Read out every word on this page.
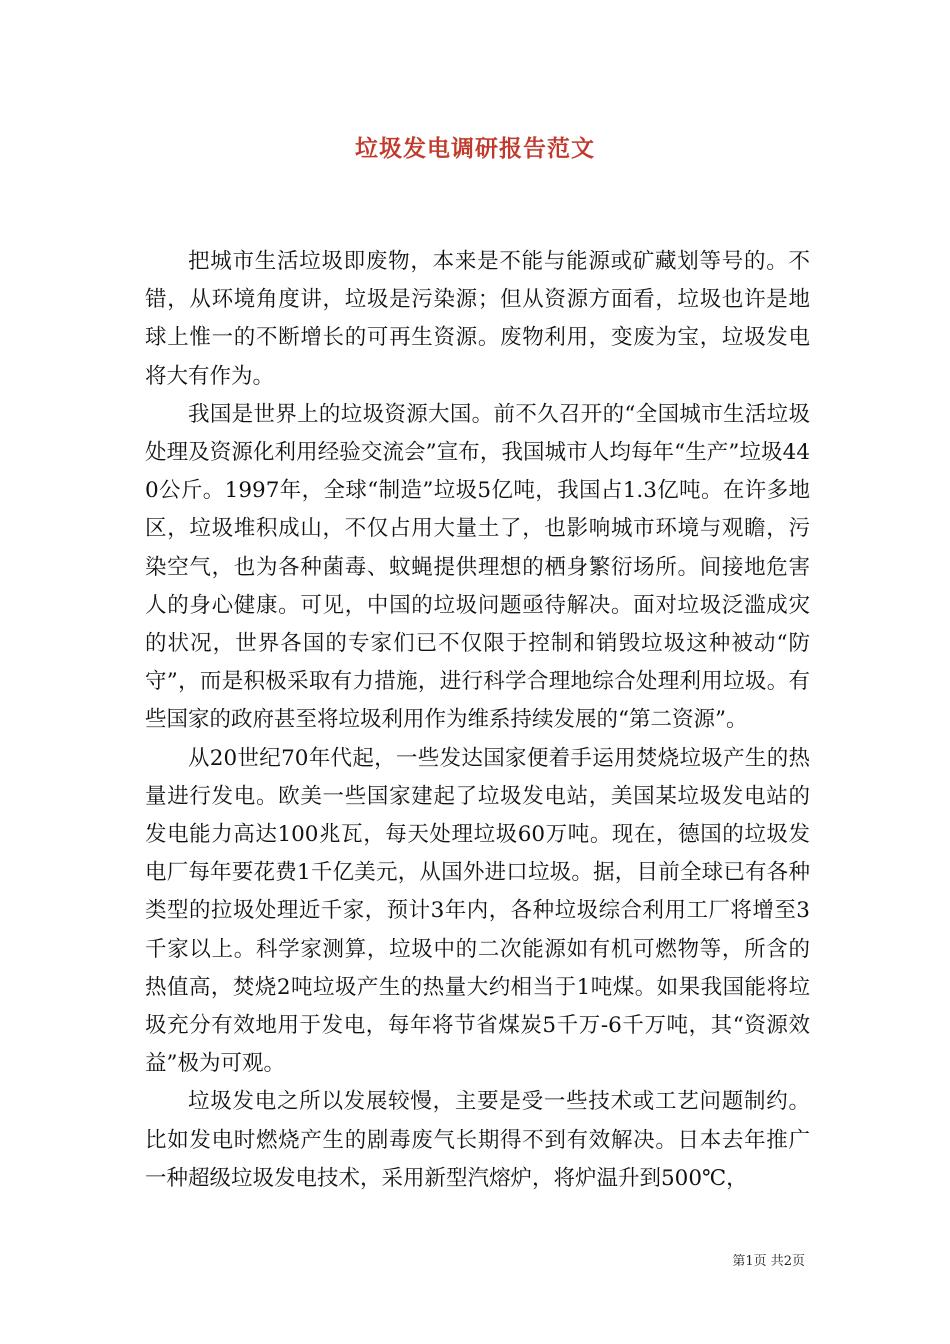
垃圾发电调研报告范文

把城市生活垃圾即废物，本来是不能与能源或矿藏划等号的。不错，从环境角度讲，垃圾是污染源；但从资源方面看，垃圾也许是地球上惟一的不断增长的可再生资源。废物利用，变废为宝，垃圾发电将大有作为。

我国是世界上的垃圾资源大国。前不久召开的“全国城市生活垃圾处理及资源化利用经验交流会”宣布，我国城市人均每年“生产”垃圾440公斤。1997年，全球“制造”垃圾5亿吨，我国占1.3亿吨。在许多地区，垃圾堆积成山，不仅占用大量土了，也影响城市环境与观瞻，污染空气，也为各种菌毒、蚊蝇提供理想的栖身繁衍场所。间接地危害人的身心健康。可见，中国的垃圾问题亟待解决。面对垃圾泛滥成灾的状况，世界各国的专家们已不仅限于控制和销毁垃圾这种被动“防守”，而是积极采取有力措施，进行科学合理地综合处理利用垃圾。有些国家的政府甚至将垃圾利用作为维系持续发展的“第二资源”。

从20世纪70年代起，一些发达国家便着手运用焚烧垃圾产生的热量进行发电。欧美一些国家建起了垃圾发电站，美国某垃圾发电站的发电能力高达100兆瓦，每天处理垃圾60万吨。现在，德国的垃圾发电厂每年要花费1千亿美元，从国外进口垃圾。据，目前全球已有各种类型的拉圾处理近千家，预计3年内，各种垃圾综合利用工厂将增至3千家以上。科学家测算，垃圾中的二次能源如有机可燃物等，所含的热值高，焚烧2吨垃圾产生的热量大约相当于1吨煤。如果我国能将垃圾充分有效地用于发电，每年将节省煤炭5千万-6千万吨，其“资源效益”极为可观。

垃圾发电之所以发展较慢，主要是受一些技术或工艺问题制约。比如发电时燃烧产生的剧毒废气长期得不到有效解决。日本去年推广一种超级垃圾发电技术，采用新型汽熔炉，将炉温升到500℃，

第1页 共2页
